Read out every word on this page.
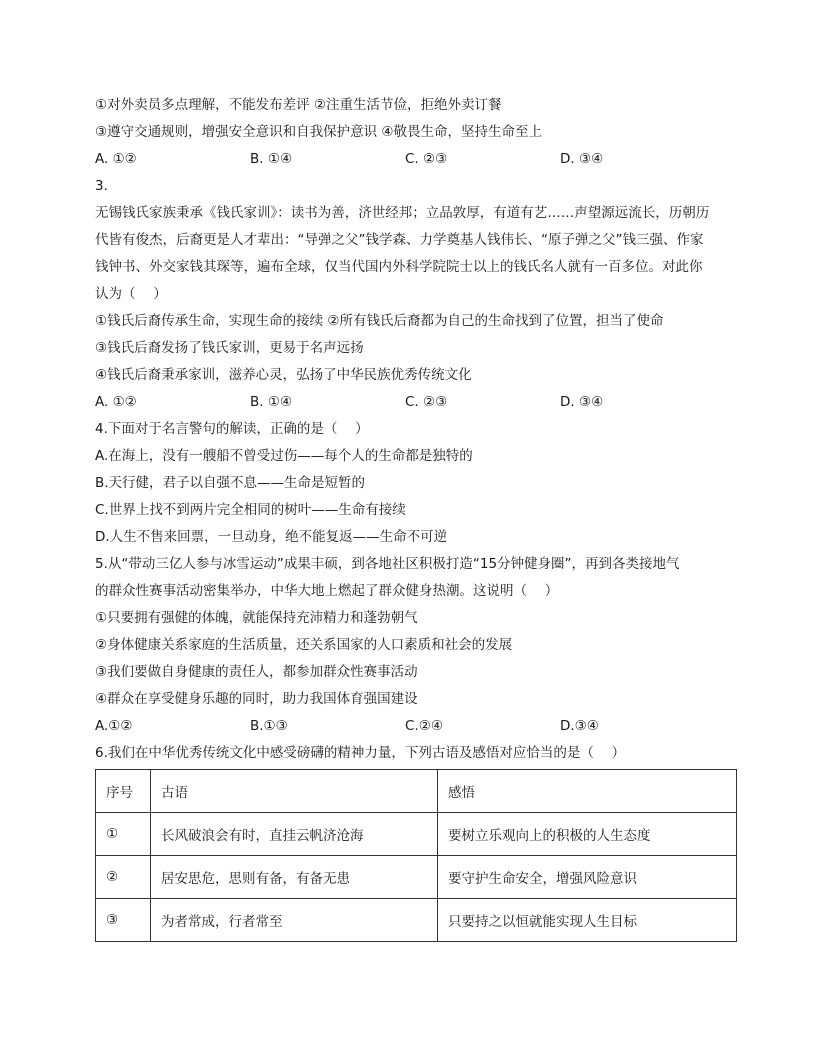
①对外卖员多点理解，不能发布差评 ②注重生活节俭，拒绝外卖订餐
③遵守交通规则，增强安全意识和自我保护意识 ④敬畏生命，坚持生命至上
A. ①②	B. ①④	C. ②③	D. ③④
3.
无锡钱氏家族秉承《钱氏家训》：读书为善，济世经邦；立品敦厚，有道有艺……声望源远流长，历朝历代皆有俊杰，后裔更是人才辈出：“导弹之父”钱学森、力学奠基人钱伟长、“原子弹之父”钱三强、作家钱钟书、外交家钱其琛等，遍布全球，仅当代国内外科学院院士以上的钱氏名人就有一百多位。对此你认为（　 ）
①钱氏后裔传承生命，实现生命的接续 ②所有钱氏后裔都为自己的生命找到了位置，担当了使命
③钱氏后裔发扬了钱氏家训，更易于名声远扬
④钱氏后裔秉承家训，滋养心灵，弘扬了中华民族优秀传统文化
A. ①②	B. ①④	C. ②③	D. ③④
4.下面对于名言警句的解读，正确的是（　 ）
A.在海上，没有一艘船不曾受过伤——每个人的生命都是独特的
B.天行健，君子以自强不息——生命是短暂的
C.世界上找不到两片完全相同的树叶——生命有接续
D.人生不售来回票，一旦动身，绝不能复返——生命不可逆
5.从“带动三亿人参与冰雪运动”成果丰硕，到各地社区积极打造“15分钟健身圈”，再到各类接地气的群众性赛事活动密集举办，中华大地上燃起了群众健身热潮。这说明（　 ）
①只要拥有强健的体魄，就能保持充沛精力和蓬勃朝气
②身体健康关系家庭的生活质量，还关系国家的人口素质和社会的发展
③我们要做自身健康的责任人，都参加群众性赛事活动
④群众在享受健身乐趣的同时，助力我国体育强国建设
A.①②	B.①③	C.②④	D.③④
6.我们在中华优秀传统文化中感受磅礴的精神力量，下列古语及感悟对应恰当的是（　 ）
序号	古语	感悟
①	长风破浪会有时，直挂云帆济沧海	要树立乐观向上的积极的人生态度
②	居安思危，思则有备，有备无患	要守护生命安全，增强风险意识
③	为者常成，行者常至	只要持之以恒就能实现人生目标
